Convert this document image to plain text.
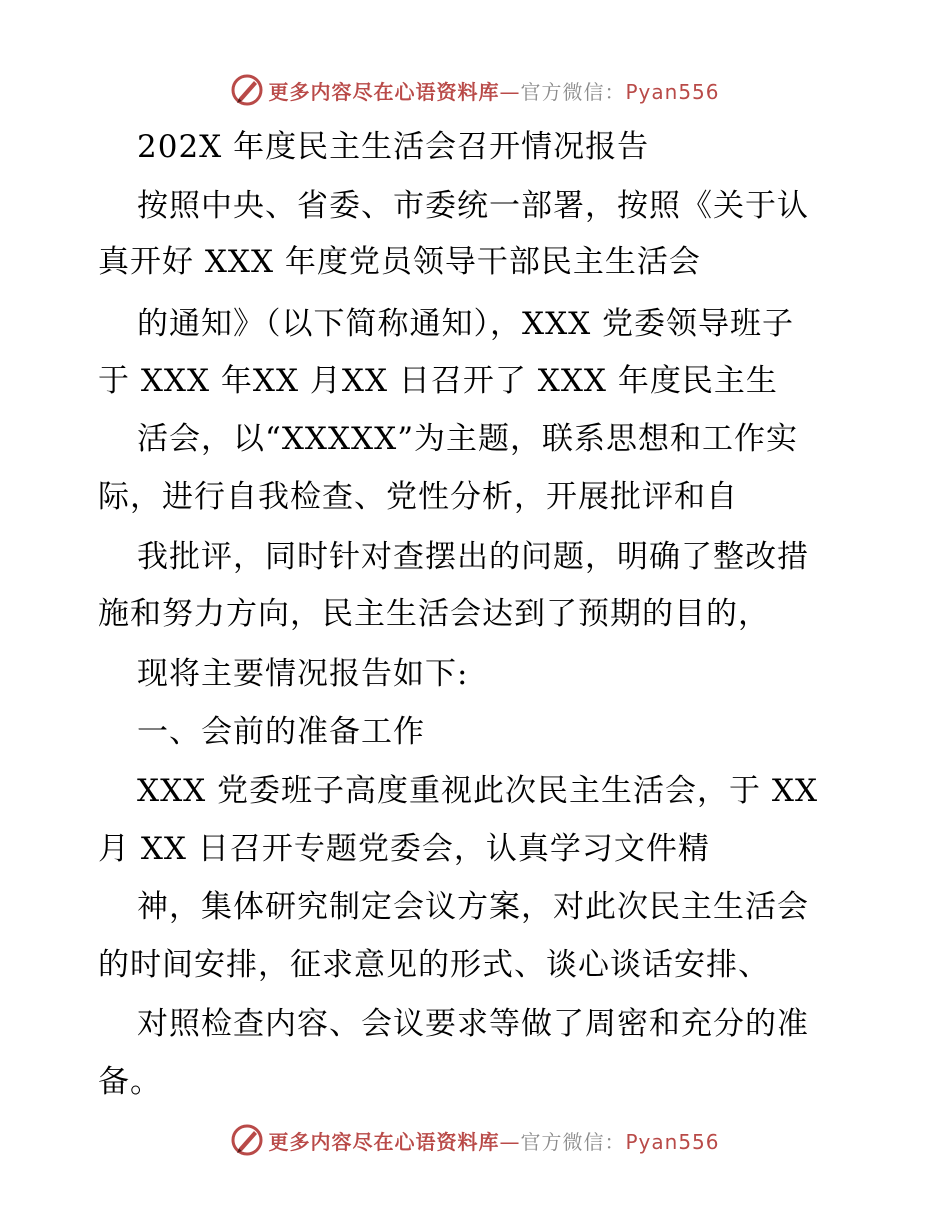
更多内容尽在心语资料库—官方微信：Pyan556
202X 年度民主生活会召开情况报告
按照中央、省委、市委统一部署，按照《关于认
真开好 XXX 年度党员领导干部民主生活会
的通知》（以下简称通知），XXX 党委领导班子
于 XXX 年XX 月XX 日召开了 XXX 年度民主生
活会，以“XXXXX”为主题，联系思想和工作实
际，进行自我检查、党性分析，开展批评和自
我批评，同时针对查摆出的问题，明确了整改措
施和努力方向，民主生活会达到了预期的目的，
现将主要情况报告如下:
一、会前的准备工作
XXX 党委班子高度重视此次民主生活会，于 XX
月 XX 日召开专题党委会，认真学习文件精
神，集体研究制定会议方案，对此次民主生活会
的时间安排，征求意见的形式、谈心谈话安排、
对照检查内容、会议要求等做了周密和充分的准
备。
更多内容尽在心语资料库—官方微信：Pyan556
